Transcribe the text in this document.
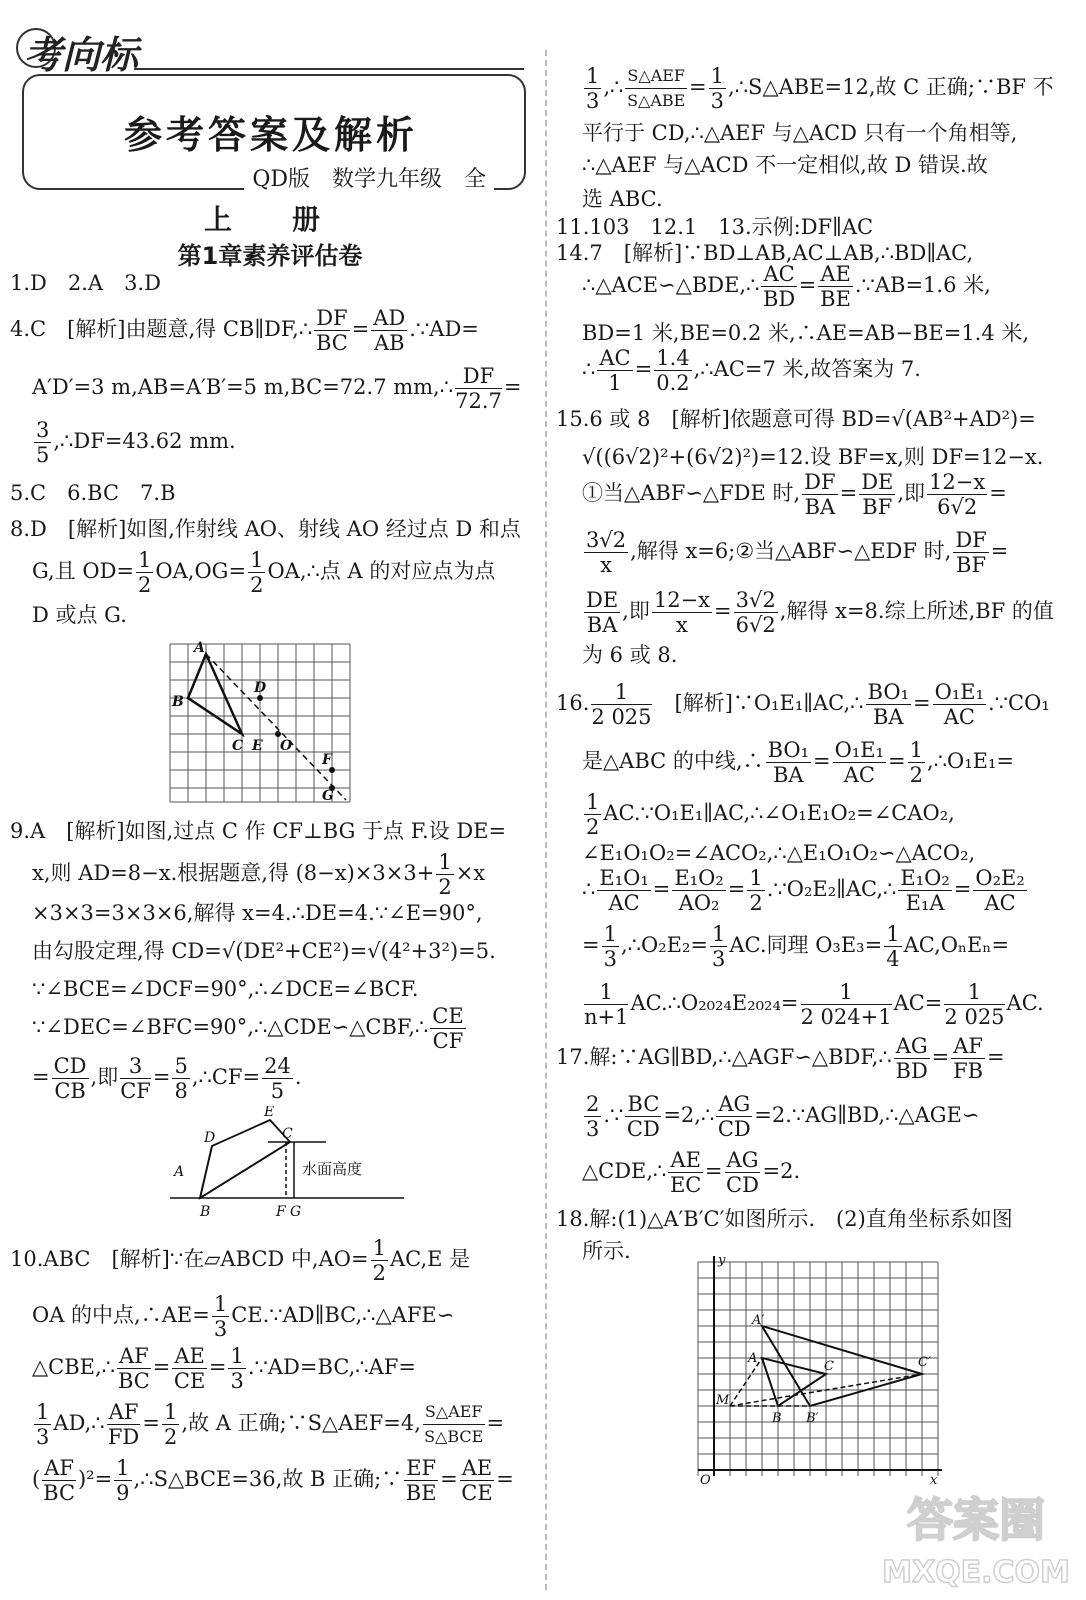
考向标
参考答案及解析
QD版　数学九年级　全
上　册
第1章素养评估卷
1.D　2.A　3.D
4.C　[解析]由题意,得 CB∥DF,∴ $\frac{DF}{BC} = \frac{AD}{AB}$ .∵AD=
A′D′=3 m,AB=A′B′=5 m,BC=72.7 mm,∴ $\frac{DF}{72.7}$ =
$\frac{3}{5}$ ,∴DF=43.62 mm.
5.C　6.BC　7.B
8.D　[解析]如图,作射线 AO、射线 AO 经过点 D 和点
G,且 $OD= \frac{1}{2} OA,OG= \frac{1}{2}$ OA,∴点 A 的对应点为点
D 或点 G.
A
B
C
D
E O
F
G
9.A　[解析]如图,过点 C 作 CF⊥BG 于点 F.设 DE=
x,则 AD=8−x.根据题意,得 $(8-x)\times 3\times 3+ \frac{1}{2} \times x$
×3×3=3×3×6,解得 x=4.∴DE=4.∵∠E=90°,
由勾股定理,得 CD=√(DE²+CE²)=√(4²+3²)=5.
∵∠BCE=∠DCF=90°,∴∠DCE=∠BCF.
∵∠DEC=∠BFC=90°,∴△CDE∽△CBF,∴ $\frac{CE}{CF}$
= $\frac{CD}{CB}$ ,即 $\frac{3}{CF} = \frac{5}{8}$ ,∴CF= $\frac{24}{5}$ .
E
D	C
A
B	F G
水面高度
10.ABC　[解析]∵在▱ABCD 中$,AO= \frac{1}{2} AC,E$ 是
OA 的中点,∴AE= $\frac{1}{3}$ CE.∵AD∥BC,∴△AFE∽
△CBE,∴ $\frac{AF}{BC} = \frac{AE}{CE} = \frac{1}{3}$ .∵AD=BC,∴AF=
$\frac{1}{3}$ AD,∴ $\frac{AF}{FD} = \frac{1}{2}$ ,故 A 正确;∵S△AEF=4, $\frac{\text{S△AEF}}{\text{S△BCE}}$ =
( $\frac{AF}{BC} )^2= \frac{1}{9}$ ,∴S△BCE=36,故 B 正确;∵ $\frac{EF}{BE} = \frac{AE}{CE}$ =
$\frac{1}{3}$ ,∴ $\frac{\text{S△AEF}}{\text{S△ABE}} = \frac{1}{3}$ ,∴S△ABE=12,故 C 正确;∵BF 不
平行于 CD,∴△AEF 与△ACD 只有一个角相等,
∴△AEF 与△ACD 不一定相似,故 D 错误.故
选 ABC.
11.103　12.1　13.示例:DF∥AC
14.7　[解析]∵BD⊥AB,AC⊥AB,∴BD∥AC,
∴△ACE∽△BDE,∴ $\frac{AC}{BD} = \frac{AE}{BE}$ .∵AB=1.6 米,
BD=1 米,BE=0.2 米,∴AE=AB−BE=1.4 米,
∴ $\frac{AC}{1} = \frac{1.4}{0.2}$ ,∴AC=7 米,故答案为 7.
15.6 或 8　[解析]依题意可得 BD=√(AB²+AD²)=
√((6√2)²+(6√2)²)=12.设 BF=x,则 DF=12−x.
①当△ABF∽△FDE 时, $\frac{DF}{BA} = \frac{DE}{BF}$ ,即 $\frac{12-x}{6√2}$ =
$\frac{3√2}{x}$ ,解得 x=6;②当△ABF∽△EDF 时, $\frac{DF}{BF}$ =
$\frac{DE}{BA}$ ,即 $\frac{12-x}{x} = \frac{3√2}{6√2}$ ,解得 x=8.综上所述,BF 的值
为 6 或 8.
16. $\frac{1}{2 025}$ 　[解析]∵O₁E₁∥AC,∴ $\frac{\text{BO₁}}{BA} = \frac{\text{O₁E₁}}{AC}$ .∵CO₁
是△ABC 的中线,∴ $\frac{\text{BO₁}}{BA} = \frac{\text{O₁E₁}}{AC} = \frac{1}{2}$ ,∴O₁E₁=
$\frac{1}{2}$ AC.∵O₁E₁∥AC,∴∠O₁E₁O₂=∠CAO₂,
∠E₁O₁O₂=∠ACO₂,∴△E₁O₁O₂∽△ACO₂,
∴ $\frac{\text{E₁O₁}}{AC} = \frac{\text{E₁O₂}}{\text{AO₂}} = \frac{1}{2}$ .∵O₂E₂∥AC,∴ $\frac{\text{E₁O₂}}{\text{E₁A}} = \frac{\text{O₂E₂}}{AC}$
= $\frac{1}{3}$ ,∴O₂E₂= $\frac{1}{3}$ AC.同理 $O_3E_3= \frac{1}{4} AC,O_nE_n=$
$\frac{1}{n+1}$ AC.∴O₂₀₂₄E₂₀₂₄= $\frac{1}{2 024+1} AC= \frac{1}{2 025}$ AC.
17.解:∵AG∥BD,∴△AGF∽△BDF,∴ $\frac{AG}{BD} = \frac{AF}{FB}$ =
$\frac{2}{3}$ .∵ $\frac{BC}{CD}$ =2,∴ $\frac{AG}{CD}$ =2.∵AG∥BD,∴△AGE∽
△CDE,∴ $\frac{AE}{EC} = \frac{AG}{CD} =2$.
18.解:(1)△A′B′C′如图所示.　(2)直角坐标系如图
所示.	y
A′
A
C	C′
M
B B′
O	x
答案圈
MXQE.COM
